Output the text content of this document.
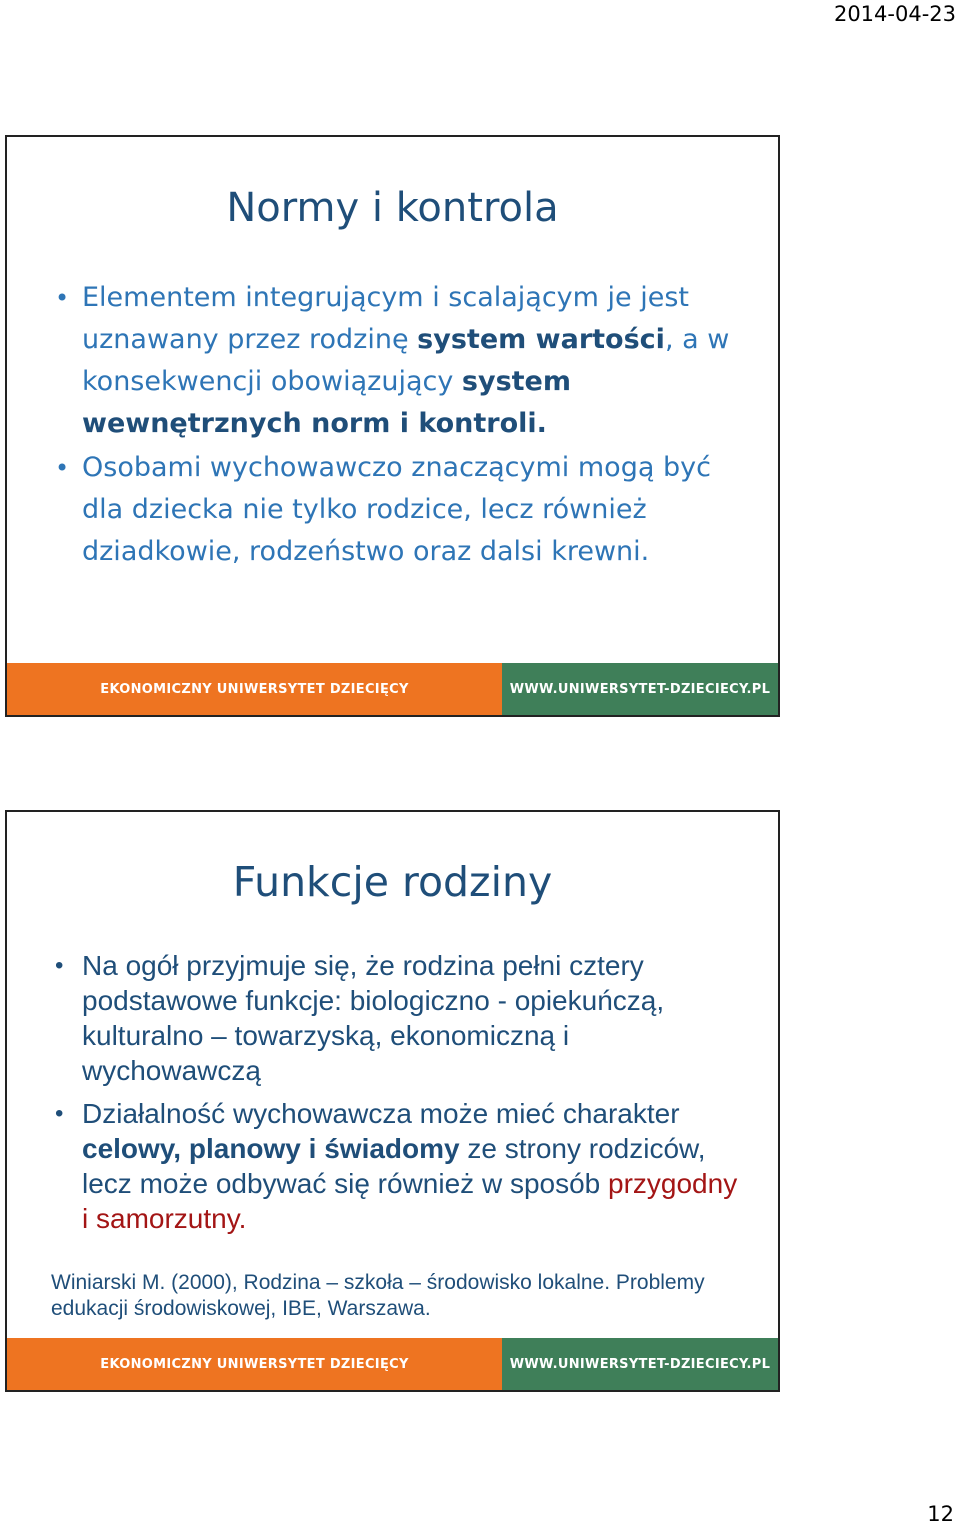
2014-04-23
Normy i kontrola
• Elementem integrującym i scalającym je jest uznawany przez rodzinę system wartości, a w konsekwencji obowiązujący system wewnętrznych norm i kontroli.
• Osobami wychowawczo znaczącymi mogą być dla dziecka nie tylko rodzice, lecz również dziadkowie, rodzeństwo oraz dalsi krewni.
EKONOMICZNY UNIWERSYTET DZIECIĘCY	WWW.UNIWERSYTET-DZIECIECY.PL
Funkcje rodziny
• Na ogół przyjmuje się, że rodzina pełni cztery podstawowe funkcje: biologiczno - opiekuńczą, kulturalno – towarzyską, ekonomiczną i wychowawczą
• Działalność wychowawcza może mieć charakter celowy, planowy i świadomy ze strony rodziców, lecz może odbywać się również w sposób przygodny i samorzutny.
Winiarski M. (2000), Rodzina – szkoła – środowisko lokalne. Problemy
edukacji środowiskowej, IBE, Warszawa.
EKONOMICZNY UNIWERSYTET DZIECIĘCY	WWW.UNIWERSYTET-DZIECIECY.PL
12
